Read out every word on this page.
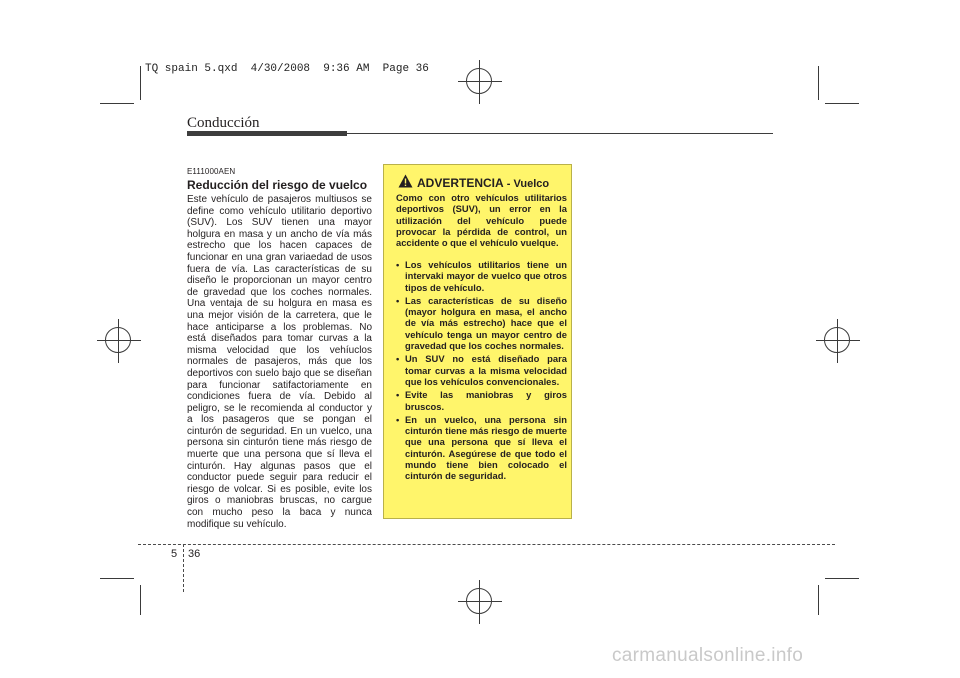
TQ spain 5.qxd  4/30/2008  9:36 AM  Page 36
Conducción
E111000AEN
Reducción del riesgo de vuelco
Este vehículo de pasajeros multiusos se define como vehículo utilitario deportivo (SUV). Los SUV tienen una mayor holgura en masa y un ancho de vía más estrecho que los hacen capaces de funcionar en una gran variaedad de usos fuera de vía. Las características de su diseño le proporcionan un mayor centro de gravedad que los coches normales. Una ventaja de su holgura en masa es una mejor visión de la carretera, que le hace anticiparse a los problemas. No está diseñados para tomar curvas a la misma velocidad que los vehíuclos normales de pasajeros, más que los deportivos con suelo bajo que se diseñan para funcionar satifactoriamente en condiciones fuera de vía. Debido al peligro, se le recomienda al conductor y a los pasageros que se pongan el cinturón de seguridad. En un vuelco, una persona sin cinturón tiene más riesgo de muerte que una persona que sí lleva el cinturón. Hay algunas pasos que el conductor puede seguir para reducir el riesgo de volcar. Si es posible, evite los giros o maniobras bruscas, no cargue con mucho peso la baca y nunca modifique su vehículo.
ADVERTENCIA - Vuelco
Como con otro vehículos utilitarios deportivos (SUV), un error en la utilización del vehículo puede provocar la pérdida de control, un accidente o que el vehículo vuelque.
• Los vehículos utilitarios tiene un intervaki mayor de vuelco que otros tipos de vehículo.
• Las características de su diseño (mayor holgura en masa, el ancho de vía más estrecho) hace que el vehículo tenga un mayor centro de gravedad que los coches normales.
• Un SUV no está diseñado para tomar curvas a la misma velocidad que los vehículos convencionales.
• Evite las maniobras y giros bruscos.
• En un vuelco, una persona sin cinturón tiene más riesgo de muerte que una persona que sí lleva el cinturón. Asegúrese de que todo el mundo tiene bien colocado el cinturón de seguridad.
5 36
carmanualsonline.info
